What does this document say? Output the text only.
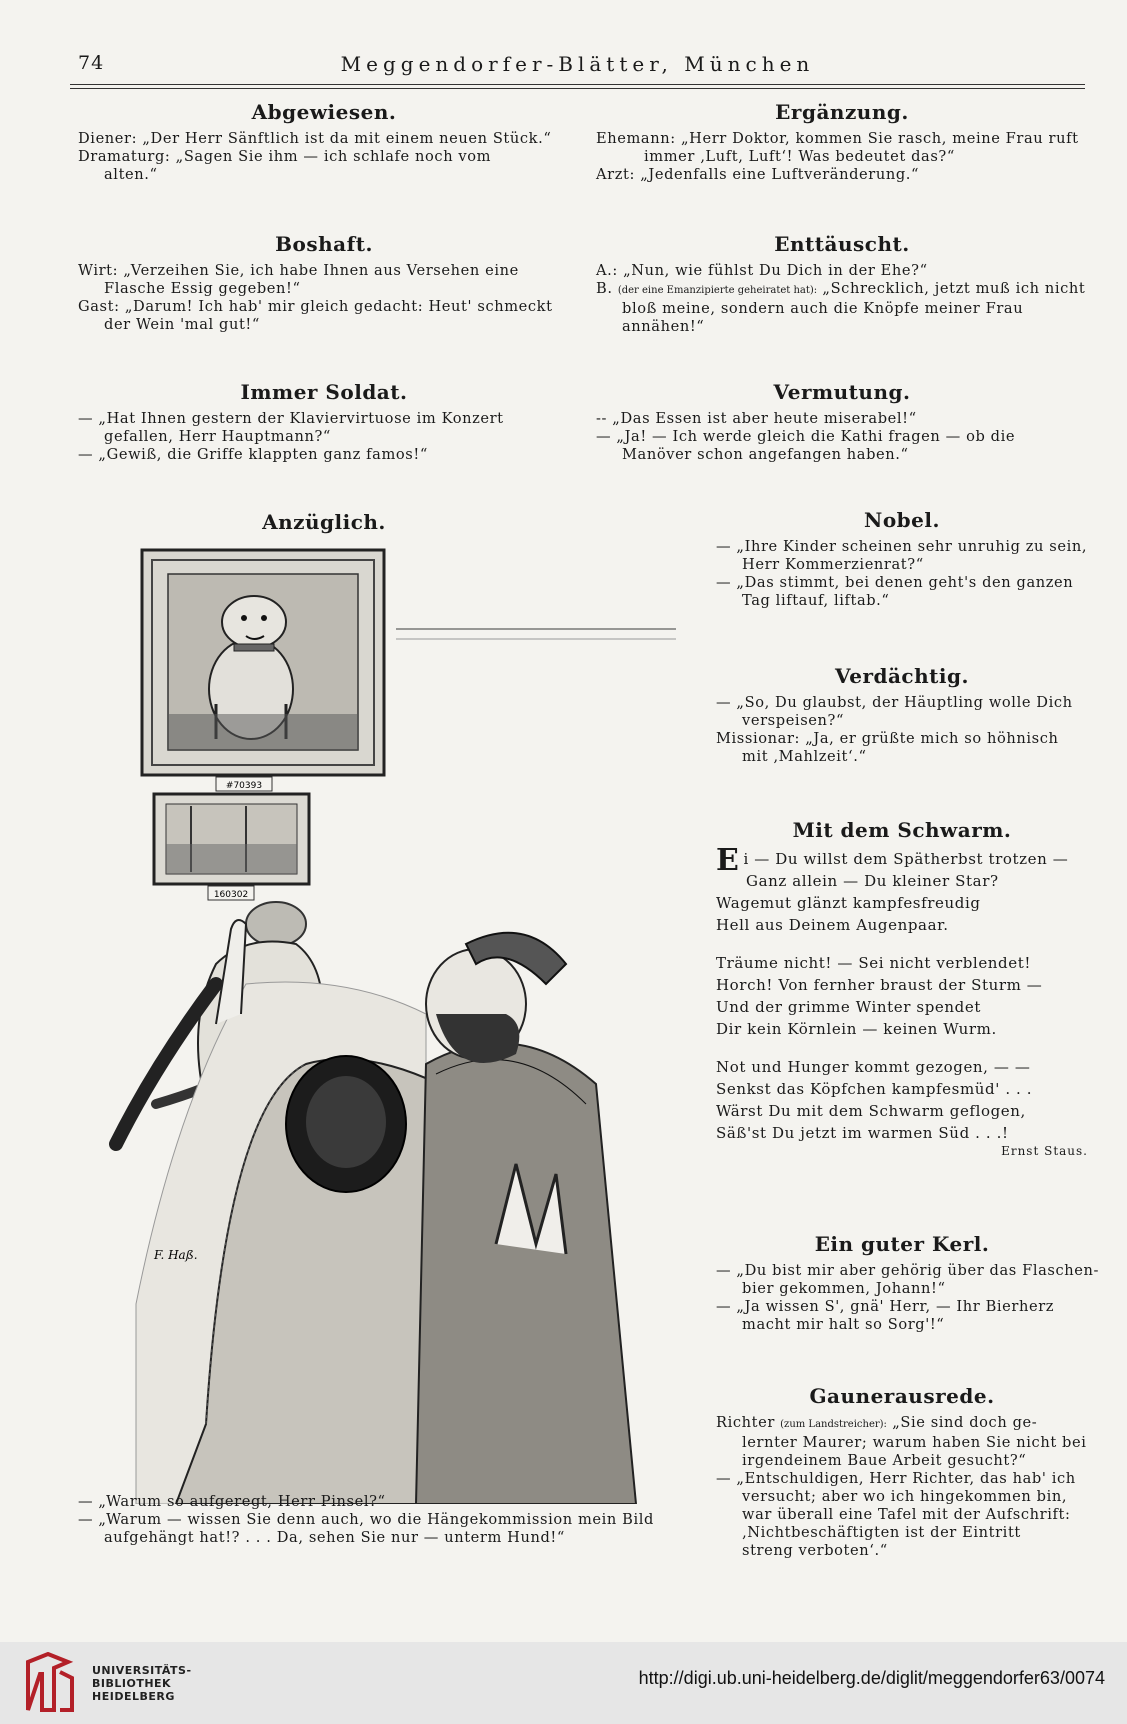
74	Meggendorfer-Blätter, München
Abgewiesen.
Diener: „Der Herr Sänftlich ist da mit einem neuen Stück.“
Dramaturg: „Sagen Sie ihm — ich schlafe noch vom
alten.“
Ergänzung.
Ehemann: „Herr Doktor, kommen Sie rasch, meine Frau ruft
immer ‚Luft, Luft‘! Was bedeutet das?“
Arzt: „Jedenfalls eine Luftveränderung.“
Boshaft.
Wirt: „Verzeihen Sie, ich habe Ihnen aus Versehen eine
Flasche Essig gegeben!“
Gast: „Darum! Ich hab' mir gleich gedacht: Heut' schmeckt
der Wein 'mal gut!“
Enttäuscht.
A.: „Nun, wie fühlst Du Dich in der Ehe?“
B. (der eine Emanzipierte geheiratet hat): „Schrecklich, jetzt muß ich nicht
bloß meine, sondern auch die Knöpfe meiner Frau
annähen!“
Immer Soldat.
— „Hat Ihnen gestern der Klaviervirtuose im Konzert
gefallen, Herr Hauptmann?“
— „Gewiß, die Griffe klappten ganz famos!“
Vermutung.
-- „Das Essen ist aber heute miserabel!“
— „Ja! — Ich werde gleich die Kathi fragen — ob die
Manöver schon angefangen haben.“
Anzüglich.
#70393
160302
F. Haß.
— „Warum so aufgeregt, Herr Pinsel?“
— „Warum — wissen Sie denn auch, wo die Hängekommission mein Bild
aufgehängt hat!? . . . Da, sehen Sie nur — unterm Hund!“
Nobel.
— „Ihre Kinder scheinen sehr unruhig zu sein,
Herr Kommerzienrat?“
— „Das stimmt, bei denen geht's den ganzen
Tag liftauf, liftab.“
Verdächtig.
— „So, Du glaubst, der Häuptling wolle Dich
verspeisen?“
Missionar: „Ja, er grüßte mich so höhnisch
mit ‚Mahlzeit‘.“
Mit dem Schwarm.
Ei — Du willst dem Spätherbst trotzen —
Ganz allein — Du kleiner Star?
Wagemut glänzt kampfesfreudig
Hell aus Deinem Augenpaar.
Träume nicht! — Sei nicht verblendet!
Horch! Von fernher braust der Sturm —
Und der grimme Winter spendet
Dir kein Körnlein — keinen Wurm.
Not und Hunger kommt gezogen, — —
Senkst das Köpfchen kampfesmüd' . . .
Wärst Du mit dem Schwarm geflogen,
Säß'st Du jetzt im warmen Süd . . .!
Ernst Staus.
Ein guter Kerl.
— „Du bist mir aber gehörig über das Flaschen-
bier gekommen, Johann!“
— „Ja wissen S', gnä' Herr, — Ihr Bierherz
macht mir halt so Sorg'!“
Gaunerausrede.
Richter (zum Landstreicher): „Sie sind doch ge-
lernter Maurer; warum haben Sie nicht bei
irgendeinem Baue Arbeit gesucht?“
— „Entschuldigen, Herr Richter, das hab' ich
versucht; aber wo ich hingekommen bin,
war überall eine Tafel mit der Aufschrift:
‚Nichtbeschäftigten ist der Eintritt
streng verboten‘.“
UNIVERSITÄTS-
BIBLIOTHEK
HEIDELBERG
http://digi.ub.uni-heidelberg.de/diglit/meggendorfer63/0074
